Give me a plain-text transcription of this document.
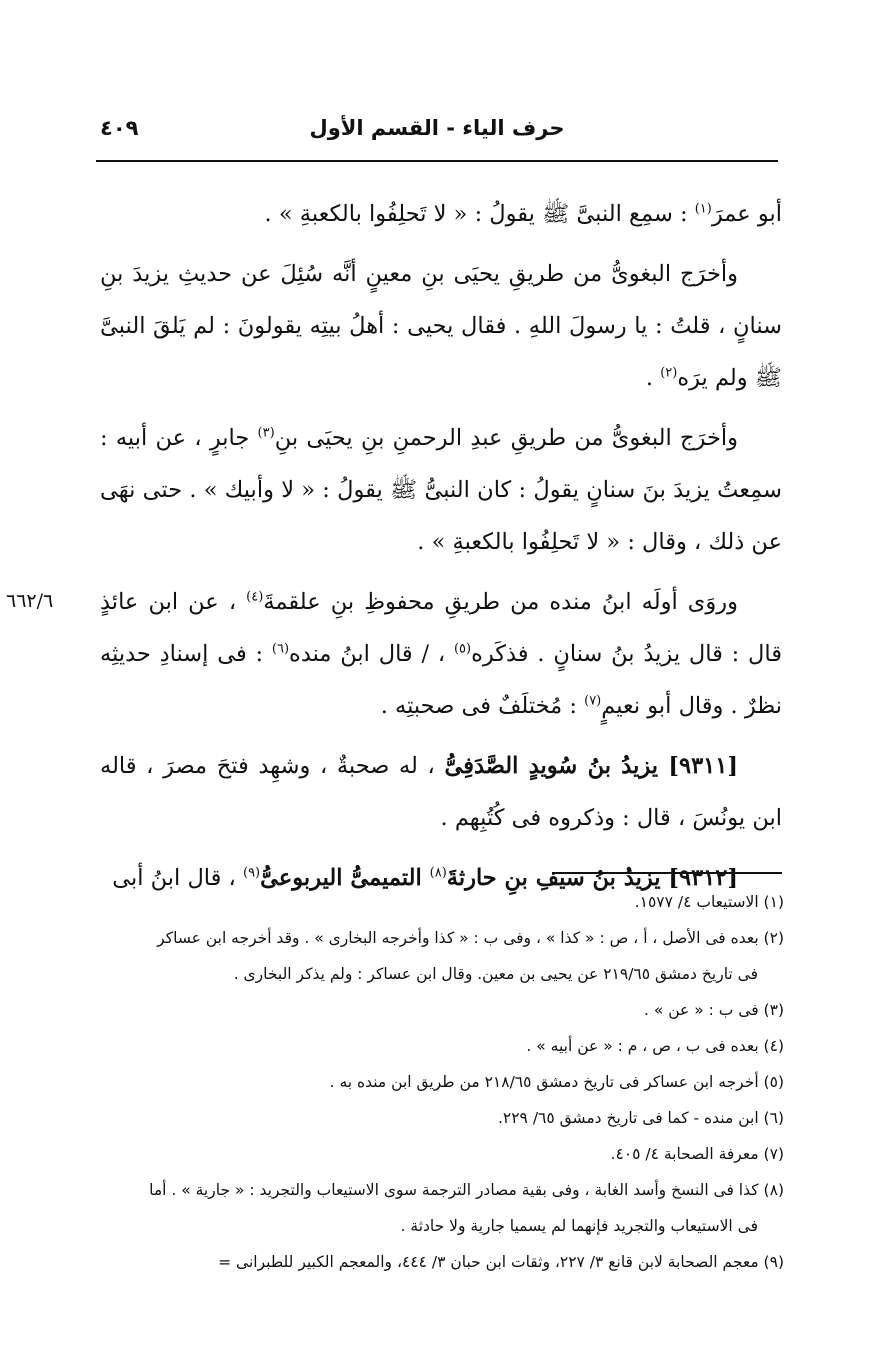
حرف الياء - القسم الأول
٤٠٩
٦٦٢/٦

أبو عمرَ$^{(١)}$ : سمِع النبىَّ ﷺ يقولُ : « لا تَحلِفُوا بالكعبةِ » .

وأخرَج البغوىُّ من طريقِ يحيَى بنِ معينٍ أنَّه سُئِلَ عن حديثِ يزيدَ بنِ سنانٍ ، قلتُ : يا رسولَ اللهِ . فقال يحيى : أهلُ بيتِه يقولونَ : لم يَلقَ النبىَّ ﷺ ولم يرَه$^{(٢)}$ .

وأخرَج البغوىُّ من طريقِ عبدِ الرحمنِ بنِ يحيَى بنِ$^{(٣)}$ جابرٍ ، عن أبيه : سمِعتُ يزيدَ بنَ سنانٍ يقولُ : كان النبىُّ ﷺ يقولُ : « لا وأبيك » . حتى نهَى عن ذلك ، وقال : « لا تَحلِفُوا بالكعبةِ » .

وروَى أولَه ابنُ منده من طريقِ محفوظِ بنِ علقمةَ$^{(٤)}$ ، عن ابن عائذٍ قال : قال يزيدُ بنُ سنانٍ . فذكَره$^{(٥)}$ ، / قال ابنُ منده$^{(٦)}$ : فى إسنادِ حديثِه نظرٌ . وقال أبو نعيمٍ$^{(٧)}$ : مُختلَفٌ فى صحبتِه .

[٩٣١١] يزيدُ بنُ سُويدٍ الصَّدَفِىُّ ، له صحبةٌ ، وشهِد فتحَ مصرَ ، قاله ابن يونُسَ ، قال : وذكروه فى كُتُبِهم .

[٩٣١٢] يزيدُ بنُ سيفِ بنِ حارثةَ$^{(٨)}$ التميمىُّ اليربوعىُّ$^{(٩)}$ ، قال ابنُ أبى

(١) الاستيعاب ٤/ ١٥٧٧.

(٢) بعده فى الأصل ، أ ، ص : « كذا » ، وفى ب : « كذا وأخرجه البخارى » . وقد أخرجه ابن عساكر

فى تاريخ دمشق ٢١٩/٦٥ عن يحيى بن معين. وقال ابن عساكر : ولم يذكر البخارى .

(٣) فى ب : « عن » .

(٤) بعده فى ب ، ص ، م : « عن أبيه » .

(٥) أخرجه ابن عساكر فى تاريخ دمشق ٢١٨/٦٥ من طريق ابن منده به .

(٦) ابن منده - كما فى تاريخ دمشق ٦٥/ ٢٢٩.

(٧) معرفة الصحابة ٤/ ٤٠٥.

(٨) كذا فى النسخ وأسد الغابة ، وفى بقية مصادر الترجمة سوى الاستيعاب والتجريد : « جارية » . أما

فى الاستيعاب والتجريد فإنهما لم يسميا جارية ولا حادثة .

(٩) معجم الصحابة لابن قانع ٣/ ٢٢٧، وثقات ابن حبان ٣/ ٤٤٤، والمعجم الكبير للطبرانى =
